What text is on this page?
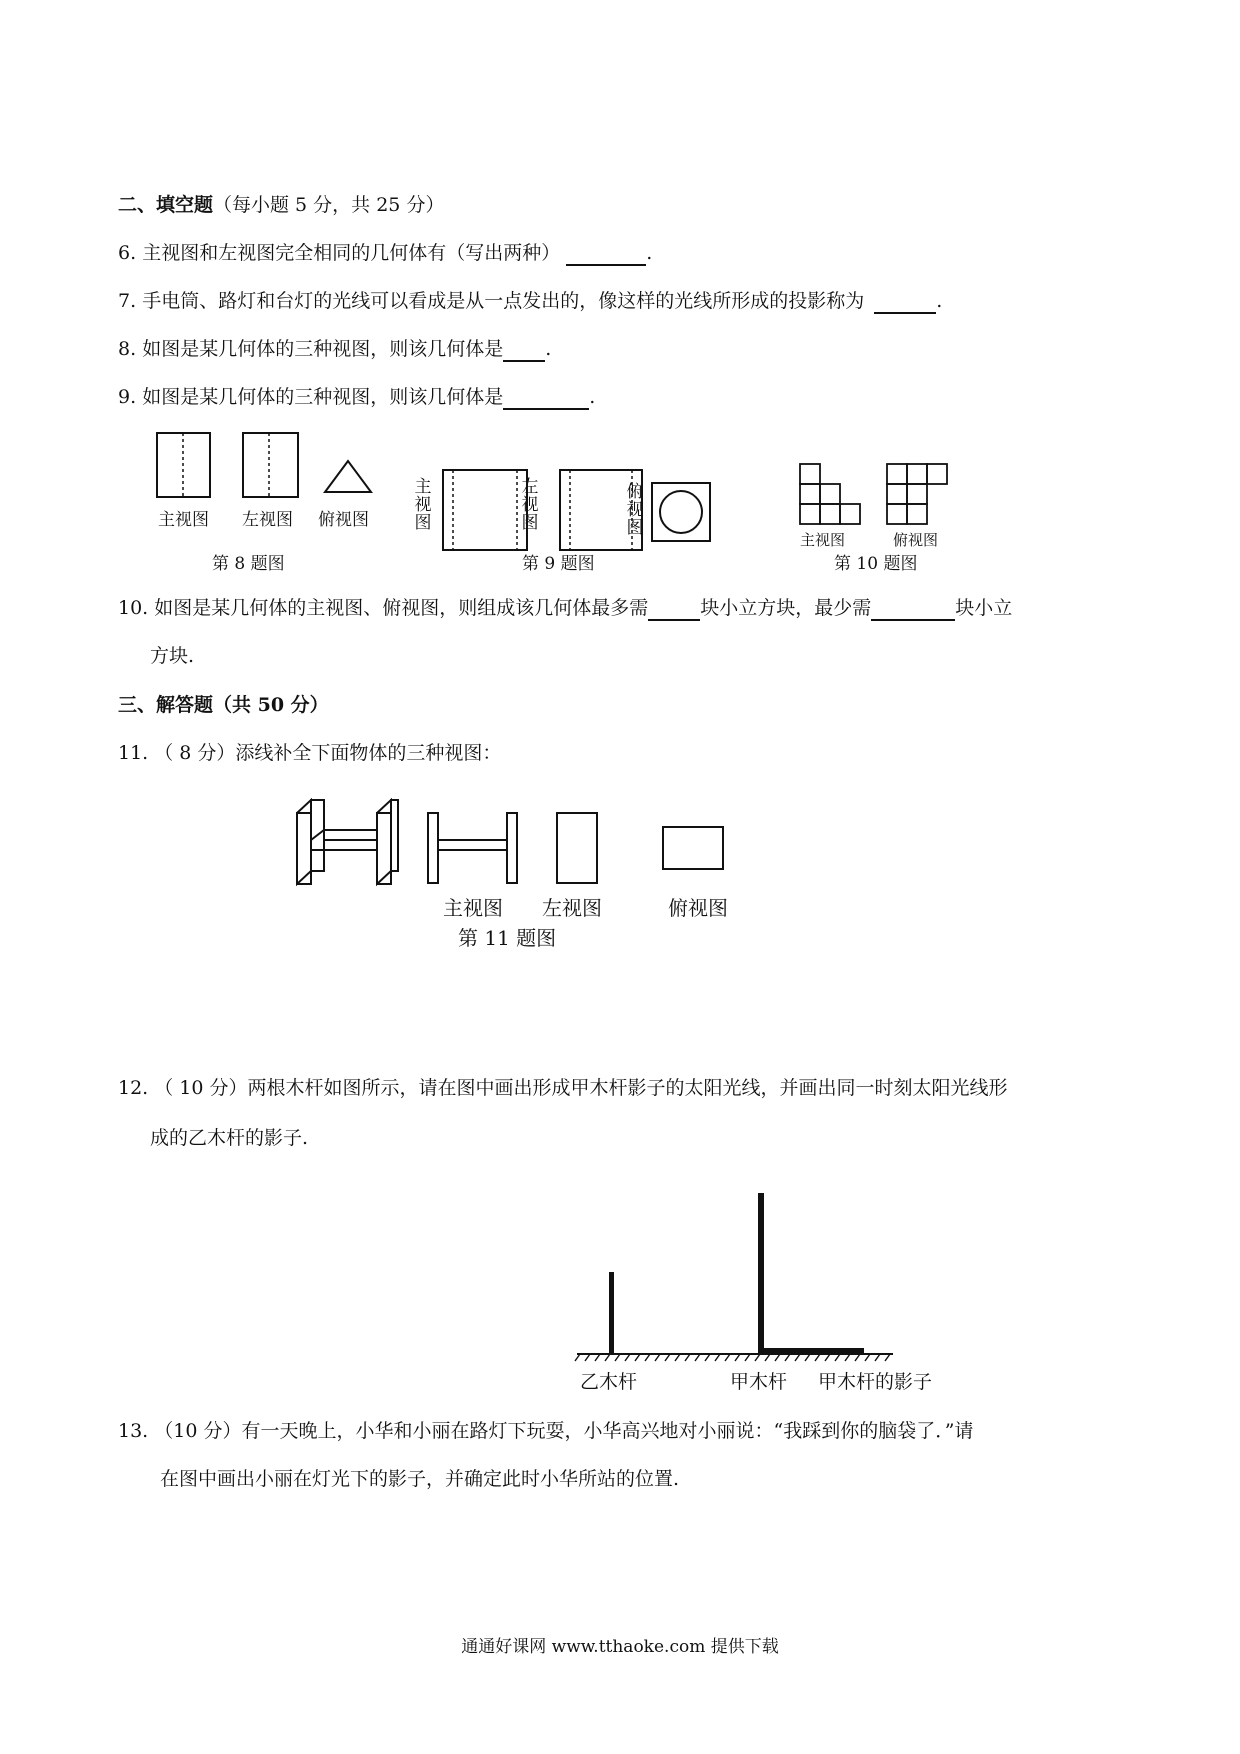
二、填空题（每小题 5 分，共 25 分）
6. 主视图和左视图完全相同的几何体有（写出两种）	.
7. 手电筒、路灯和台灯的光线可以看成是从一点发出的，像这样的光线所形成的投影称为	.
8. 如图是某几何体的三种视图，则该几何体是 .
9. 如图是某几何体的三种视图，则该几何体是	.
主视图 左视图 俯视图
第 8 题图
主视图
左视图
俯视图
第 9 题图
主视图	俯视图
第 10 题图
10. 如图是某几何体的主视图、俯视图，则组成该几何体最多需	块小立方块，最少需	块小立
方块.
三、解答题（共 50 分）
11. （ 8 分）添线补全下面物体的三种视图：
主视图 左视图	俯视图
第 11 题图
12. （ 10 分）两根木杆如图所示，请在图中画出形成甲木杆影子的太阳光线，并画出同一时刻太阳光线形
成的乙木杆的影子.
乙木杆	甲木杆 甲木杆的影子
13. （10 分）有一天晚上，小华和小丽在路灯下玩耍，小华高兴地对小丽说：“我踩到你的脑袋了．”请
在图中画出小丽在灯光下的影子，并确定此时小华所站的位置.
通通好课网 www.tthaoke.com 提供下载
